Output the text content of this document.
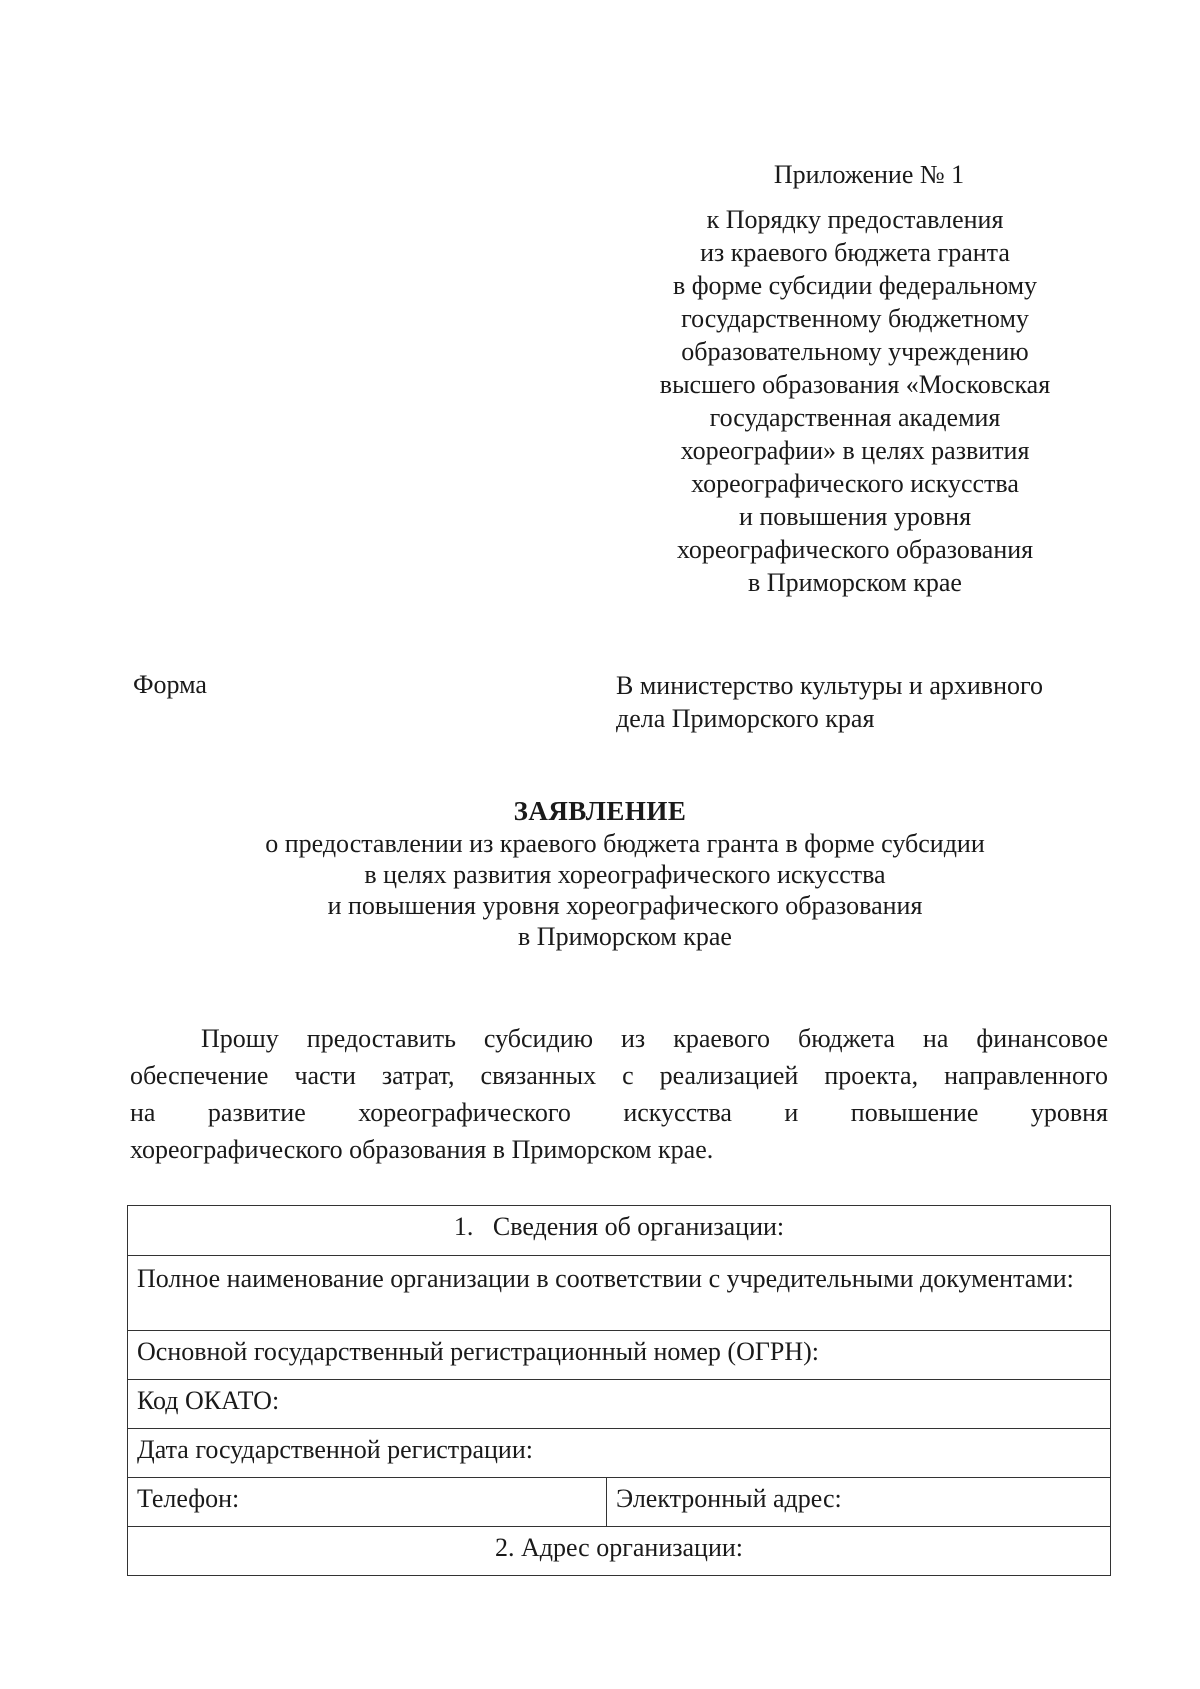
Приложение № 1
к Порядку предоставления
из краевого бюджета гранта
в форме субсидии федеральному
государственному бюджетному
образовательному учреждению
высшего образования «Московская
государственная академия
хореографии» в целях развития
хореографического искусства
и повышения уровня
хореографического образования
в Приморском крае
Форма	В министерство культуры и архивного
дела Приморского края
ЗАЯВЛЕНИЕ
о предоставлении из краевого бюджета гранта в форме субсидии
в целях развития хореографического искусства
и повышения уровня хореографического образования
в Приморском крае
Прошу предоставить субсидию из краевого бюджета на финансовое
обеспечение части затрат, связанных с реализацией проекта, направленного
на развитие хореографического искусства и повышение уровня
хореографического образования в Приморском крае.
1. Сведения об организации:
Полное наименование организации в соответствии с учредительными документами:
Основной государственный регистрационный номер (ОГРН):
Код ОКАТО:
Дата государственной регистрации:
Телефон:	Электронный адрес:
2. Адрес организации:
